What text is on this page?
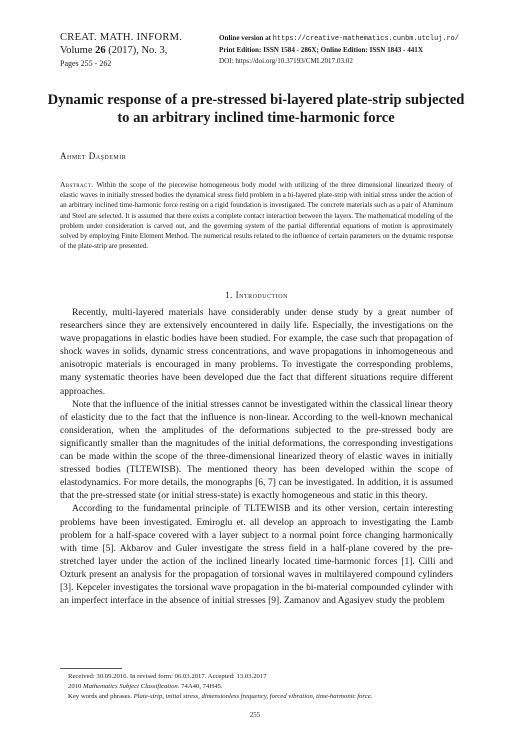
CREAT. MATH. INFORM.
Volume 26 (2017), No. 3,
Pages 255 - 262
Online version at https://creative-mathematics.cunbm.utcluj.ro/
Print Edition: ISSN 1584 - 286X; Online Edition: ISSN 1843 - 441X
DOI: https://doi.org/10.37193/CMI.2017.03.02
Dynamic response of a pre-stressed bi-layered plate-strip subjected to an arbitrary inclined time-harmonic force
Ahmet Daşdemir
Abstract. Within the scope of the piecewise homogeneous body model with utilizing of the three dimensional linearized theory of elastic waves in initially stressed bodies the dynamical stress field problem in a bi-layered plate-strip with initial stress under the action of an arbitrary inclined time-harmonic force resting on a rigid foundation is investigated. The concrete materials such as a pair of Aluminum and Steel are selected. It is assumed that there exists a complete contact interaction between the layers. The mathematical modeling of the problem under consideration is carved out, and the governing system of the partial differential equations of motion is approximately solved by employing Finite Element Method. The numerical results related to the influence of certain parameters on the dynamic response of the plate-strip are presented.
1. Introduction

Recently, multi-layered materials have considerably under dense study by a great number of researchers since they are extensively encountered in daily life. Especially, the investigations on the wave propagations in elastic bodies have been studied. For example, the case such that propagation of shock waves in solids, dynamic stress concentrations, and wave propagations in inhomogeneous and anisotropic materials is encouraged in many problems. To investigate the corresponding problems, many systematic theories have been developed due the fact that different situations require different approaches.

Note that the influence of the initial stresses cannot be investigated within the classical linear theory of elasticity due to the fact that the influence is non-linear. According to the well-known mechanical consideration, when the amplitudes of the deformations subjected to the pre-stressed body are significantly smaller than the magnitudes of the initial deformations, the corresponding investigations can be made within the scope of the three-dimensional linearized theory of elastic waves in initially stressed bodies (TLTEWISB). The mentioned theory has been developed within the scope of elastodynamics. For more details, the monographs [6, 7] can be investigated. In addition, it is assumed that the pre-stressed state (or initial stress-state) is exactly homogeneous and static in this theory.

According to the fundamental principle of TLTEWISB and its other version, certain interesting problems have been investigated. Emiroglu et. all develop an approach to investigating the Lamb problem for a half-space covered with a layer subject to a normal point force changing harmonically with time [5]. Akbarov and Guler investigate the stress field in a half-plane covered by the pre-stretched layer under the action of the inclined linearly located time-harmonic forces [1]. Cilli and Ozturk present an analysis for the propagation of torsional waves in multilayered compound cylinders [3]. Kepceler investigates the torsional wave propagation in the bi-material compounded cylinder with an imperfect interface in the absence of initial stresses [9]. Zamanov and Agasiyev study the problem

Received: 30.09.2016. In revised form: 06.03.2017. Accepted: 13.03.2017
2010 Mathematics Subject Classification. 74A40, 74H45.
Key words and phrases. Plate-strip, initial stress, dimensionless frequency, forced vibration, time-harmonic force.
255
